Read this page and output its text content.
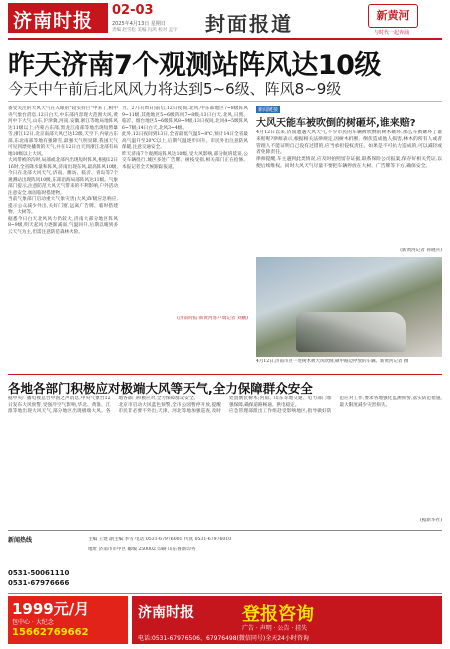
济南时报 02-03
2025年4月13日 星期日
责编 赵雪松 美编 冯鸿 校对 孟宇 封面报道	新黄河
与时代一起奔涌
昨天济南7个观测站阵风达10级
今天中午前后北风风力将达到5~6级、阵风8~9级
备受关注的大风天气在入眼的"较实持巨"中来了,相中央气象台消息,12日白天,中东部内容现大范围大风,黄河中下大气,山东,沪津冀,河南,安徽,浙江等地局地阵风达11级以上;内蒙古东部,黑龙江南部等地出现短暂暴雪,浙江12日,北京南部大风已达12级,天空下,内蒙古东部,东北南部等地有强降雪,最强天气明显降,我国天气可见到漂亮橘黄的天气,并在12日白天到浙江北部有局地10级以上大风。
大风带被的沟时,局部或北部内出现短时阵风,根据12日16时,全省降水量和阵风,济南出现东风,最高阵风10级,今日在北部大风天气,济南、潍坊、临沂、青岛等7个观测站出现阵风10级,东部沿海局部阵风达11级。气象部门提示,注意防范大风天气带来的不利影响,户外活动注意安全,加固临时搭建物。
当前气象部门启动重大气象灾害(大风)Ⅳ级应急响应,提示公众减少外出,关好门窗,远离广告牌、临时搭建物、大树等。
据悉今日白天北风风力仍较大,济南大部分地区阵风8~9级,明天起风力逐渐减弱,气温回升,后期以晴到多云天气为主,但需注意防范森林火险。
力、27日(周日)前后,12日夜间,北风,中东部地区7~8级阵风9~11级,其他地区5~6级阵风7~8级;13日白天,北风,日照、临沂、烟台地区5~6级阵风8~9级;13日夜间,北风4~5级阵风6~7级;14日白天,北风3~4级。
此外,12日夜间到13日,全省最低气温5~8℃,预计14日全省最高气温升至20℃以上,后期气温逐步回升。市民外出注意防风保暖,注意交通安全。
昨天济南7个观测站阵风达10级,受大风影响,部分航班延误,公交车辆绕行,城区多处广告牌、树枝受损,相关部门正在抢修。本报记者全天候跟踪报道。
(济南时报·新黄河客户端记者 刘鹏)
新闻链接
大风天能车被吹倒的树砸坏,谁来赔?
4月12日以来,济南遭遇大风天气,不少市民的车辆被吹倒的树木砸坏,那么车被砸坏了谁来赔呢?律师表示,根据相关法律规定,因树木折断、倒伏造成他人损害,林木的所有人或者管理人不能证明自己没有过错的,应当承担侵权责任。如果是不可抗力造成的,可以减轻或者免除责任。
律师提醒,车主遇到此类情况,应及时拍照留存证据,联系保险公司报案,保存好相关凭证,以便后续维权。同时大风天气尽量不要把车辆停放在大树、广告牌等下方,确保安全。
(新黄河记者 孙晓兵)
4月12日,济南市区一处树木被大风吹倒,砸中路边停放的车辆。新黄河记者 摄
各地各部门积极应对极端大风等天气,全力保障群众安全
据中央广播电视总台中国之声消息,中央气象台12日发布大风预警,受强冷空气影响,华北、黄淮、江淮等地出现大风天气,部分地区出现极端大风。各地各部门积极应对,全力保障群众安全。
北京市启动大风蓝色预警,全市公园暂停开放,提醒市民非必要不外出;天津、河北等地加强巡查,及时处置倒伏树木;河南、山东等地交通、电力部门加强保障,确保道路畅通、供电稳定。
应急管理部派出工作组赴受影响地区,指导做好防范应对工作,要求各地强化监测预警,落实防范措施,最大限度减少灾害损失。
(据新华社)
新闻热线
0531-50061110
0531-67976666
主编 王建 副主编 李雪 电话 0531-67976001 传真 0531-67976010
地址 济南市市中区 邮编 250002 印刷 山东鲁新印务
1999元/月
包中心 · 大纪念
15662769662
济南时报	登报咨询
广告 · 声明 · 公告 · 挂失
电话:0531-67976506、67976498(微信同号)全天24小时咨询
